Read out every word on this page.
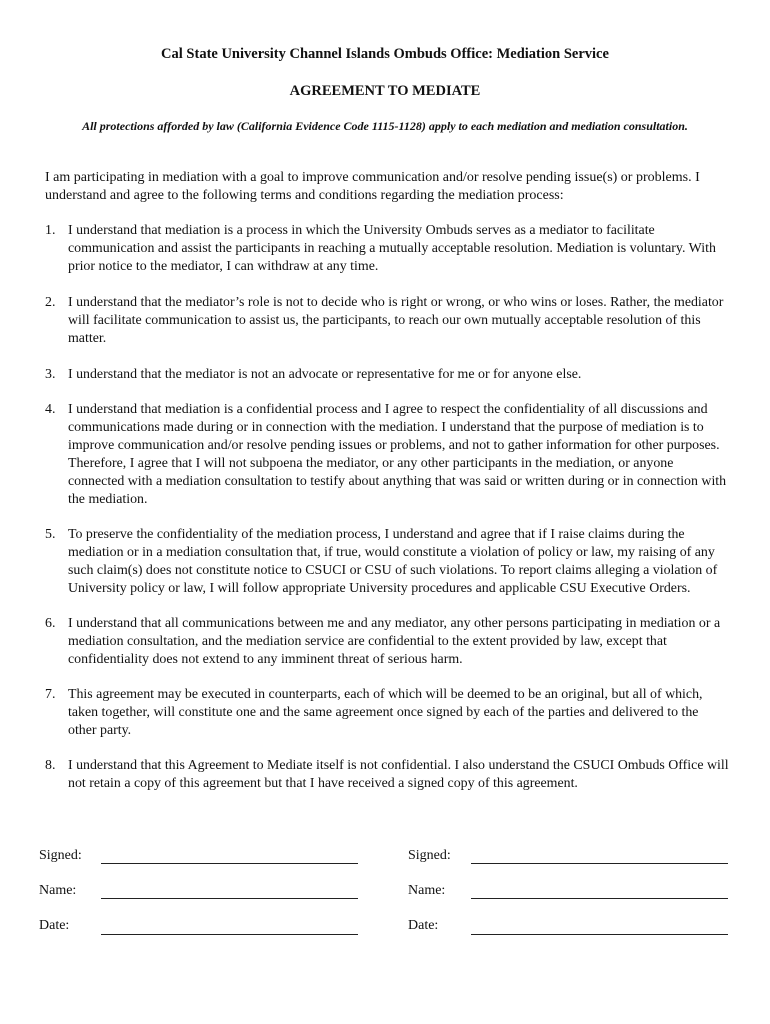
Cal State University Channel Islands Ombuds Office: Mediation Service
AGREEMENT TO MEDIATE
All protections afforded by law (California Evidence Code 1115-1128) apply to each mediation and mediation consultation.
I am participating in mediation with a goal to improve communication and/or resolve pending issue(s) or problems. I understand and agree to the following terms and conditions regarding the mediation process:
1. I understand that mediation is a process in which the University Ombuds serves as a mediator to facilitate communication and assist the participants in reaching a mutually acceptable resolution. Mediation is voluntary. With prior notice to the mediator, I can withdraw at any time.
2. I understand that the mediator’s role is not to decide who is right or wrong, or who wins or loses. Rather, the mediator will facilitate communication to assist us, the participants, to reach our own mutually acceptable resolution of this matter.
3. I understand that the mediator is not an advocate or representative for me or for anyone else.
4. I understand that mediation is a confidential process and I agree to respect the confidentiality of all discussions and communications made during or in connection with the mediation. I understand that the purpose of mediation is to improve communication and/or resolve pending issues or problems, and not to gather information for other purposes. Therefore, I agree that I will not subpoena the mediator, or any other participants in the mediation, or anyone connected with a mediation consultation to testify about anything that was said or written during or in connection with the mediation.
5. To preserve the confidentiality of the mediation process, I understand and agree that if I raise claims during the mediation or in a mediation consultation that, if true, would constitute a violation of policy or law, my raising of any such claim(s) does not constitute notice to CSUCI or CSU of such violations. To report claims alleging a violation of University policy or law, I will follow appropriate University procedures and applicable CSU Executive Orders.
6. I understand that all communications between me and any mediator, any other persons participating in mediation or a mediation consultation, and the mediation service are confidential to the extent provided by law, except that confidentiality does not extend to any imminent threat of serious harm.
7. This agreement may be executed in counterparts, each of which will be deemed to be an original, but all of which, taken together, will constitute one and the same agreement once signed by each of the parties and delivered to the other party.
8. I understand that this Agreement to Mediate itself is not confidential. I also understand the CSUCI Ombuds Office will not retain a copy of this agreement but that I have received a signed copy of this agreement.
Signed:
Name:
Date:
Signed:
Name:
Date:
